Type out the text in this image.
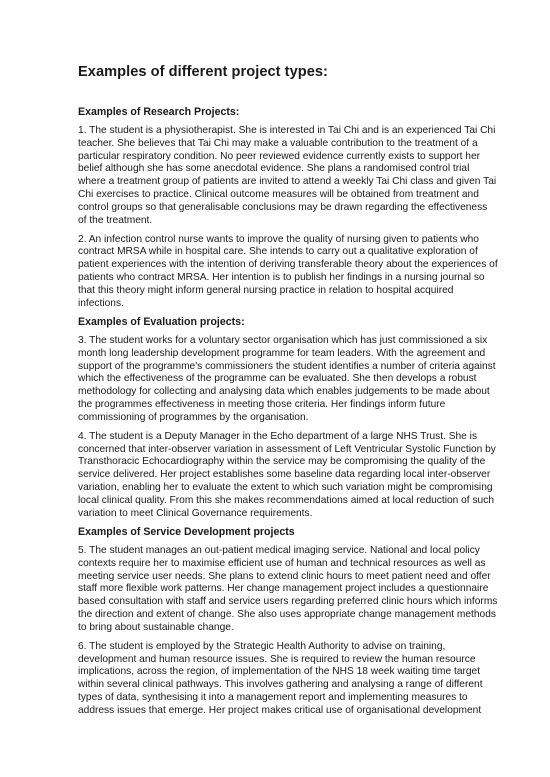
Examples of different project types:
Examples of Research Projects:

1. The student is a physiotherapist. She is interested in Tai Chi and is an experienced Tai Chi teacher. She believes that Tai Chi may make a valuable contribution to the treatment of a particular respiratory condition. No peer reviewed evidence currently exists to support her belief although she has some anecdotal evidence. She plans a randomised control trial where a treatment group of patients are invited to attend a weekly Tai Chi class and given Tai Chi exercises to practice. Clinical outcome measures will be obtained from treatment and control groups so that generalisable conclusions may be drawn regarding the effectiveness of the treatment.

2. An infection control nurse wants to improve the quality of nursing given to patients who contract MRSA while in hospital care. She intends to carry out a qualitative exploration of patient experiences with the intention of deriving transferable theory about the experiences of patients who contract MRSA. Her intention is to publish her findings in a nursing journal so that this theory might inform general nursing practice in relation to hospital acquired infections.

Examples of Evaluation projects:

3. The student works for a voluntary sector organisation which has just commissioned a six month long leadership development programme for team leaders. With the agreement and support of the programme's commissioners the student identifies a number of criteria against which the effectiveness of the programme can be evaluated. She then develops a robust methodology for collecting and analysing data which enables judgements to be made about the programmes effectiveness in meeting those criteria. Her findings inform future commissioning of programmes by the organisation.

4. The student is a Deputy Manager in the Echo department of a large NHS Trust. She is concerned that inter-observer variation in assessment of Left Ventricular Systolic Function by Transthoracic Echocardiography within the service may be compromising the quality of the service delivered. Her project establishes some baseline data regarding local inter-observer variation, enabling her to evaluate the extent to which such variation might be compromising local clinical quality. From this she makes recommendations aimed at local reduction of such variation to meet Clinical Governance requirements.

Examples of Service Development projects

5. The student manages an out-patient medical imaging service. National and local policy contexts require her to maximise efficient use of human and technical resources as well as meeting service user needs. She plans to extend clinic hours to meet patient need and offer staff more flexible work patterns. Her change management project includes a questionnaire based consultation with staff and service users regarding preferred clinic hours which informs the direction and extent of change. She also uses appropriate change management methods to bring about sustainable change.

6. The student is employed by the Strategic Health Authority to advise on training, development and human resource issues. She is required to review the human resource implications, across the region, of implementation of the NHS 18 week waiting time target within several clinical pathways. This involves gathering and analysing a range of different types of data, synthesising it into a management report and implementing measures to address issues that emerge. Her project makes critical use of organisational development
